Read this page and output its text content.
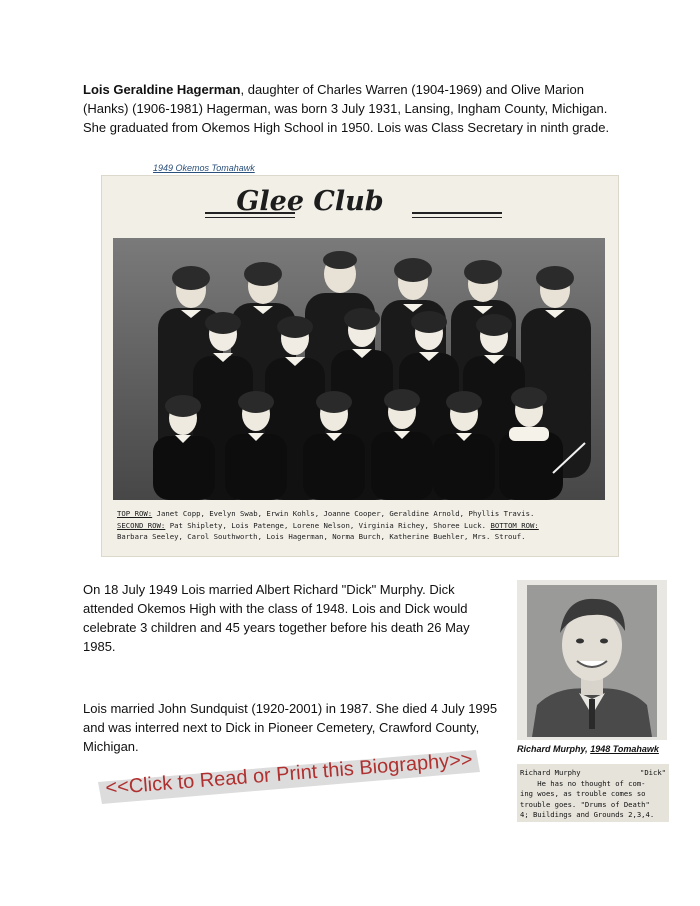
Lois Geraldine Hagerman, daughter of Charles Warren (1904-1969) and Olive Marion (Hanks) (1906-1981) Hagerman, was born 3 July 1931, Lansing, Ingham County, Michigan. She graduated from Okemos High School in 1950. Lois was Class Secretary in ninth grade.
1949 Okemos Tomahawk
Glee Club
TOP ROW: Janet Copp, Evelyn Swab, Erwin Kohls, Joanne Cooper, Geraldine Arnold, Phyllis Travis.
SECOND ROW: Pat Shiplety, Lois Patenge, Lorene Nelson, Virginia Richey, Shoree Luck. BOTTOM ROW:
Barbara Seeley, Carol Southworth, Lois Hagerman, Norma Burch, Katherine Buehler, Mrs. Strouf.
On 18 July 1949 Lois married Albert Richard "Dick" Murphy. Dick attended Okemos High with the class of 1948. Lois and Dick would celebrate 3 children and 45 years together before his death 26 May 1985.
Lois married John Sundquist (1920-2001) in 1987. She died 4 July 1995 and was interred next to Dick in Pioneer Cemetery, Crawford County, Michigan.	Richard Murphy, 1948 Tomahawk
Richard Murphy	"Dick"
He has no thought of com-
ing woes, as trouble comes so
trouble goes. "Drums of Death"
4; Buildings and Grounds 2,3,4.
<<Click to Read or Print this Biography>>
